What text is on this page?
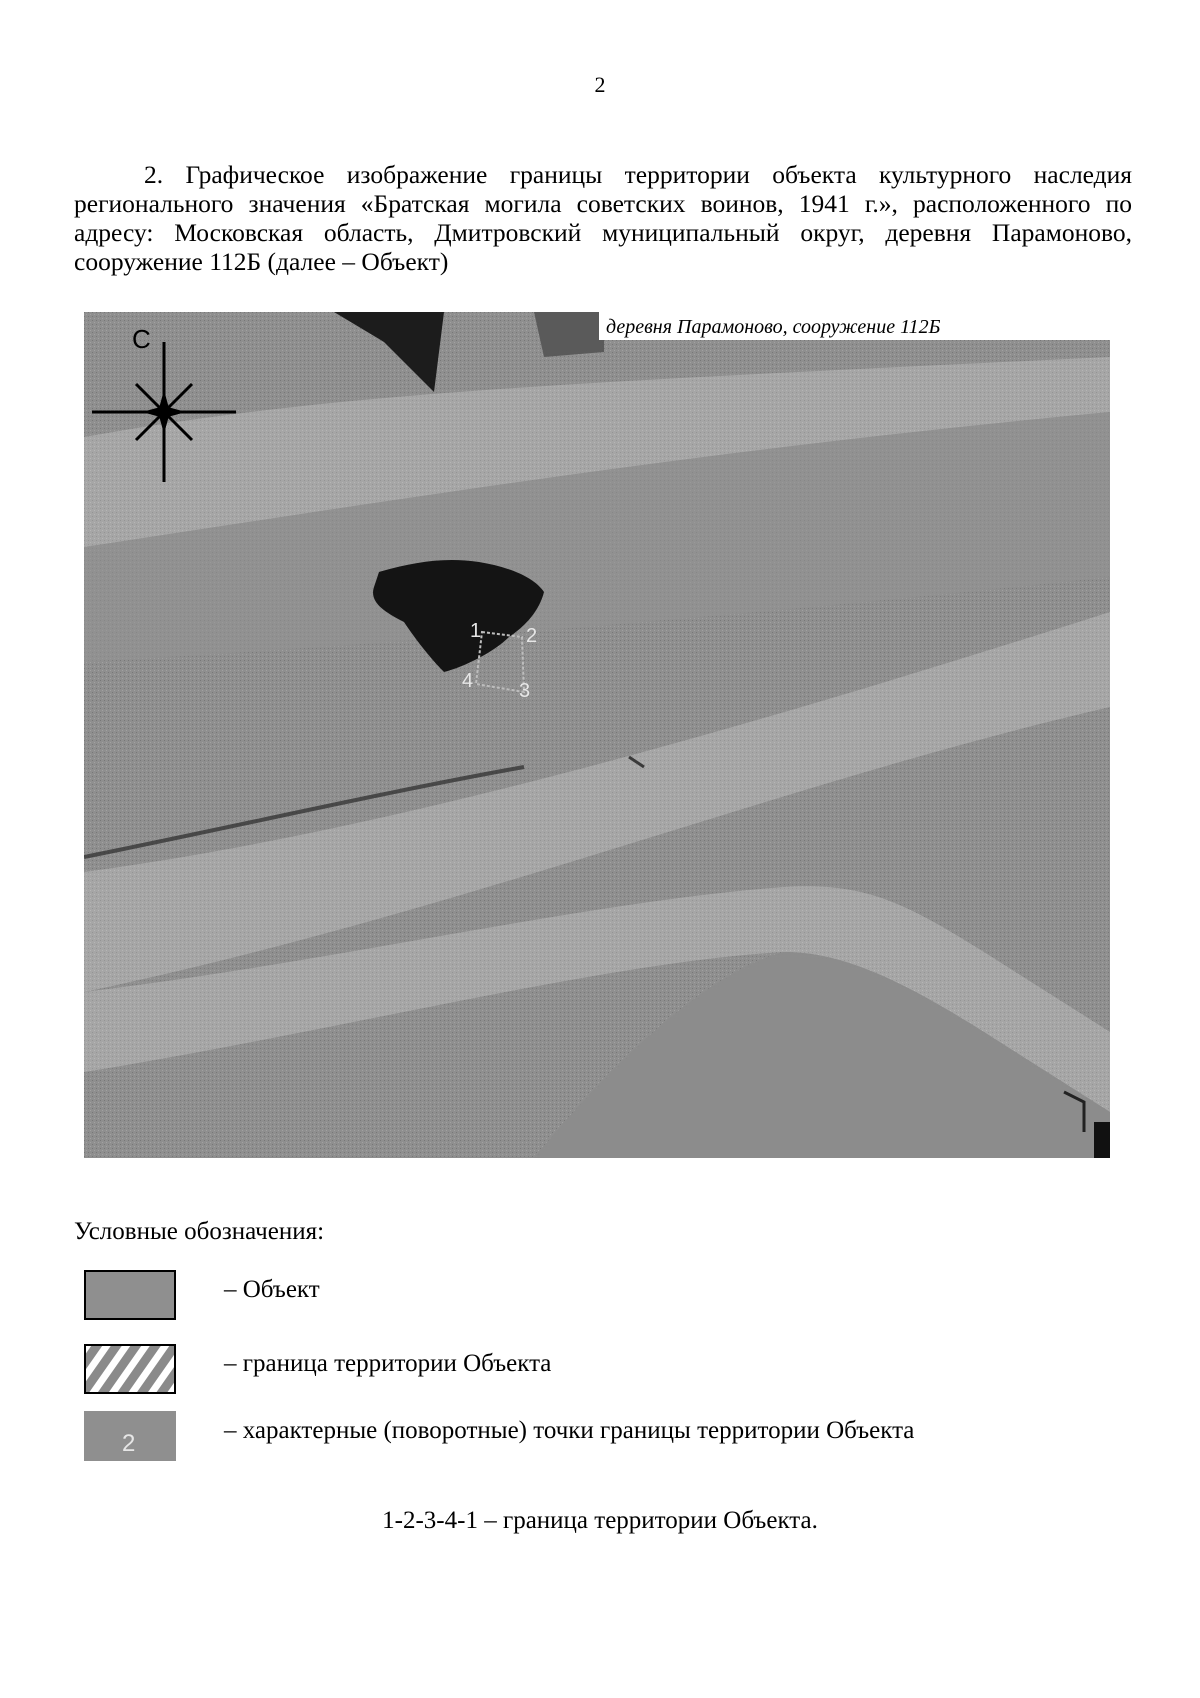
2

2. Графическое изображение границы территории объекта культурного наследия регионального значения «Братская могила советских воинов, 1941 г.», расположенного по адресу: Московская область, Дмитровский муниципальный округ, деревня Парамоново, сооружение 112Б (далее – Объект)

деревня Парамоново, сооружение 112Б
С
1 2
3
4
Условные обозначения:
– Объект
– граница территории Объекта
2	– характерные (поворотные) точки границы территории Объекта
1-2-3-4-1 – граница территории Объекта.
